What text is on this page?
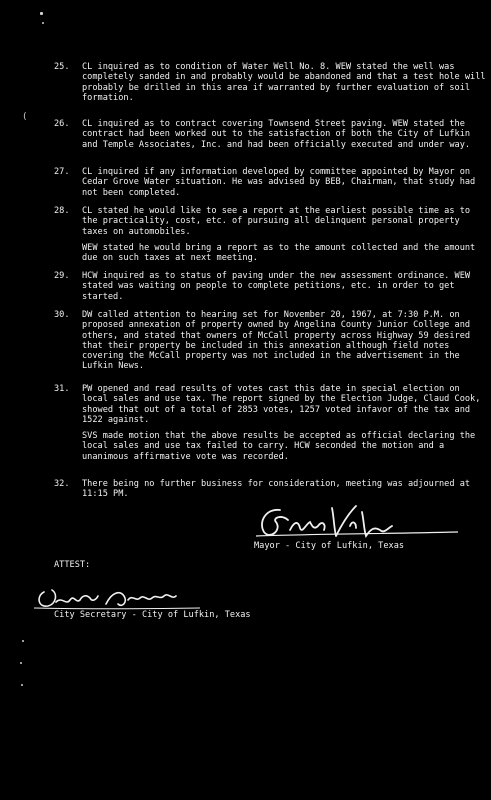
(
25.	CL inquired as to condition of Water Well No. 8. WEW stated the well was completely sanded in and probably would be abandoned and that a test hole will probably be drilled in this area if warranted by further evaluation of soil formation.

26.	CL inquired as to contract covering Townsend Street paving. WEW stated the contract had been worked out to the satisfaction of both the City of Lufkin and Temple Associates, Inc. and had been officially executed and under way.

27.	CL inquired if any information developed by committee appointed by Mayor on Cedar Grove Water situation. He was advised by BEB, Chairman, that study had not been completed.

28.	CL stated he would like to see a report at the earliest possible time as to the practicality, cost, etc. of pursuing all delinquent personal property taxes on automobiles.

WEW stated he would bring a report as to the amount collected and the amount due on such taxes at next meeting.

29.	HCW inquired as to status of paving under the new assessment ordinance. WEW stated was waiting on people to complete petitions, etc. in order to get started.

30.	DW called attention to hearing set for November 20, 1967, at 7:30 P.M. on proposed annexation of property owned by Angelina County Junior College and others, and stated that owners of McCall property across Highway 59 desired that their property be included in this annexation although field notes covering the McCall property was not included in the advertisement in the Lufkin News.

31.	PW opened and read results of votes cast this date in special election on local sales and use tax. The report signed by the Election Judge, Claud Cook, showed that out of a total of 2853 votes, 1257 voted infavor of the tax and 1522 against.

SVS made motion that the above results be accepted as official declaring the local sales and use tax failed to carry. HCW seconded the motion and a unanimous affirmative vote was recorded.

32.	There being no further business for consideration, meeting was adjourned at 11:15 PM.

Mayor - City of Lufkin, Texas
ATTEST:
City Secretary - City of Lufkin, Texas
